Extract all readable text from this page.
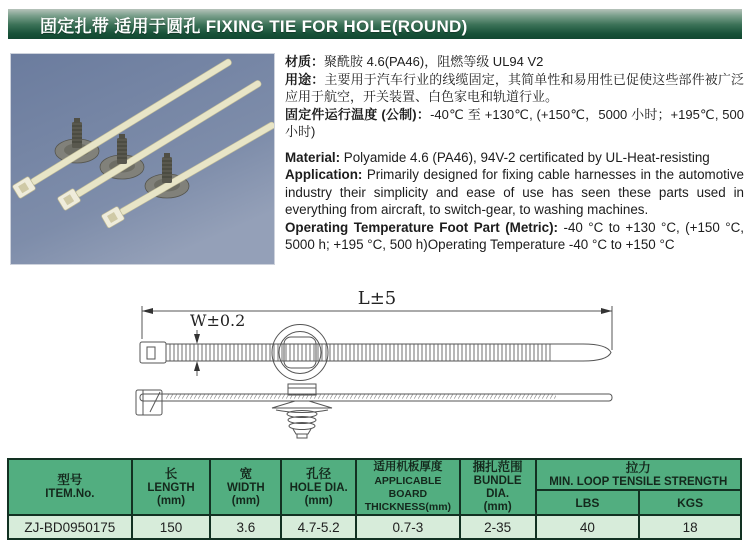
固定扎带 适用于圆孔 FIXING TIE FOR HOLE(ROUND)

材质：聚酰胺 4.6(PA46)，阻燃等级 UL94 V2

用途：主要用于汽车行业的线缆固定，其简单性和易用性已促使这些部件被广泛应用于航空，开关装置、白色家电和轨道行业。

固定件运行温度 (公制)：-40℃ 至 +130℃, (+150℃，5000 小时；+195℃, 500 小时)

Material: Polyamide 4.6 (PA46), 94V-2 certificated by UL-Heat-resisting

Application: Primarily designed for fixing cable harnesses in the automotive industry their simplicity and ease of use has seen these parts used in everything from aircraft, to switch-gear, to washing machines.

Operating Temperature Foot Part (Metric): -40 °C to +130 °C, (+150 °C, 5000 h; +195 °C, 500 h)Operating Temperature -40 °C to +150 °C

L±5
W±0.2
型号
ITEM.No.

长
LENGTH
(mm)

宽
WIDTH
(mm)

孔径
HOLE DIA.
(mm)

适用机板厚度
APPLICABLE BOARD
THICKNESS(mm)

捆扎范围
BUNDLE DIA.
(mm)

拉力
MIN. LOOP TENSILE STRENGTH

						LBS	KGS
ZJ-BD0950175	150	3.6	4.7-5.2	0.7-3	2-35	40	18
